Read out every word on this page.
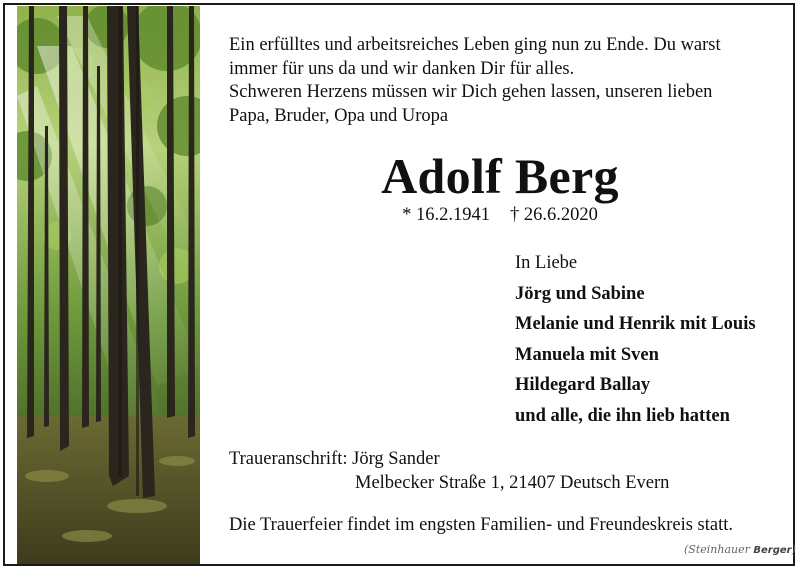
Ein erfülltes und arbeitsreiches Leben ging nun zu Ende. Du warst
immer für uns da und wir danken Dir für alles.
Schweren Herzens müssen wir Dich gehen lassen, unseren lieben
Papa, Bruder, Opa und Uropa
Adolf Berg
* 16.2.1941 † 26.6.2020
In Liebe
Jörg und Sabine
Melanie und Henrik mit Louis
Manuela mit Sven
Hildegard Ballay
und alle, die ihn lieb hatten
Traueranschrift: Jörg Sander
Melbecker Straße 1, 21407 Deutsch Evern
Die Trauerfeier findet im engsten Familien- und Freundeskreis statt.
(Steinhauer Berger)
